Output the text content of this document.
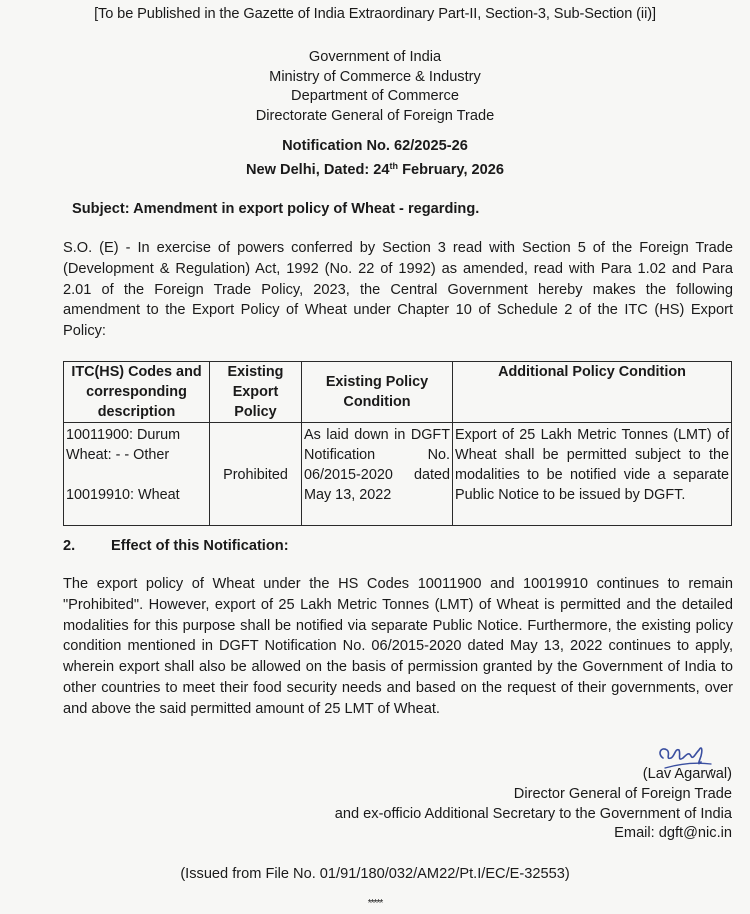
[To be Published in the Gazette of India Extraordinary Part-II, Section-3, Sub-Section (ii)]
Government of India
Ministry of Commerce & Industry
Department of Commerce
Directorate General of Foreign Trade
Notification No. 62/2025-26
New Delhi, Dated: 24th February, 2026
Subject: Amendment in export policy of Wheat - regarding.
S.O. (E) - In exercise of powers conferred by Section 3 read with Section 5 of the Foreign Trade (Development & Regulation) Act, 1992 (No. 22 of 1992) as amended, read with Para 1.02 and Para 2.01 of the Foreign Trade Policy, 2023, the Central Government hereby makes the following amendment to the Export Policy of Wheat under Chapter 10 of Schedule 2 of the ITC (HS) Export Policy:
ITC(HS) Codes and corresponding description	Existing Export Policy	Existing Policy Condition	Additional Policy Condition

10011900: Durum Wheat: - - Other
10019910: Wheat	Prohibited	As laid down in DGFT
Notification No.
06/2015-2020 dated
May 13, 2022	Export of 25 Lakh Metric Tonnes (LMT) of
Wheat shall be permitted subject to the
modalities to be notified vide a separate
Public Notice to be issued by DGFT.
2. Effect of this Notification:
The export policy of Wheat under the HS Codes 10011900 and 10019910 continues to remain "Prohibited". However, export of 25 Lakh Metric Tonnes (LMT) of Wheat is permitted and the detailed modalities for this purpose shall be notified via separate Public Notice. Furthermore, the existing policy condition mentioned in DGFT Notification No. 06/2015-2020 dated May 13, 2022 continues to apply, wherein export shall also be allowed on the basis of permission granted by the Government of India to other countries to meet their food security needs and based on the request of their governments, over and above the said permitted amount of 25 LMT of Wheat.
(Lav Agarwal)
Director General of Foreign Trade
and ex-officio Additional Secretary to the Government of India
Email: dgft@nic.in
(Issued from File No. 01/91/180/032/AM22/Pt.I/EC/E-32553)
*****
